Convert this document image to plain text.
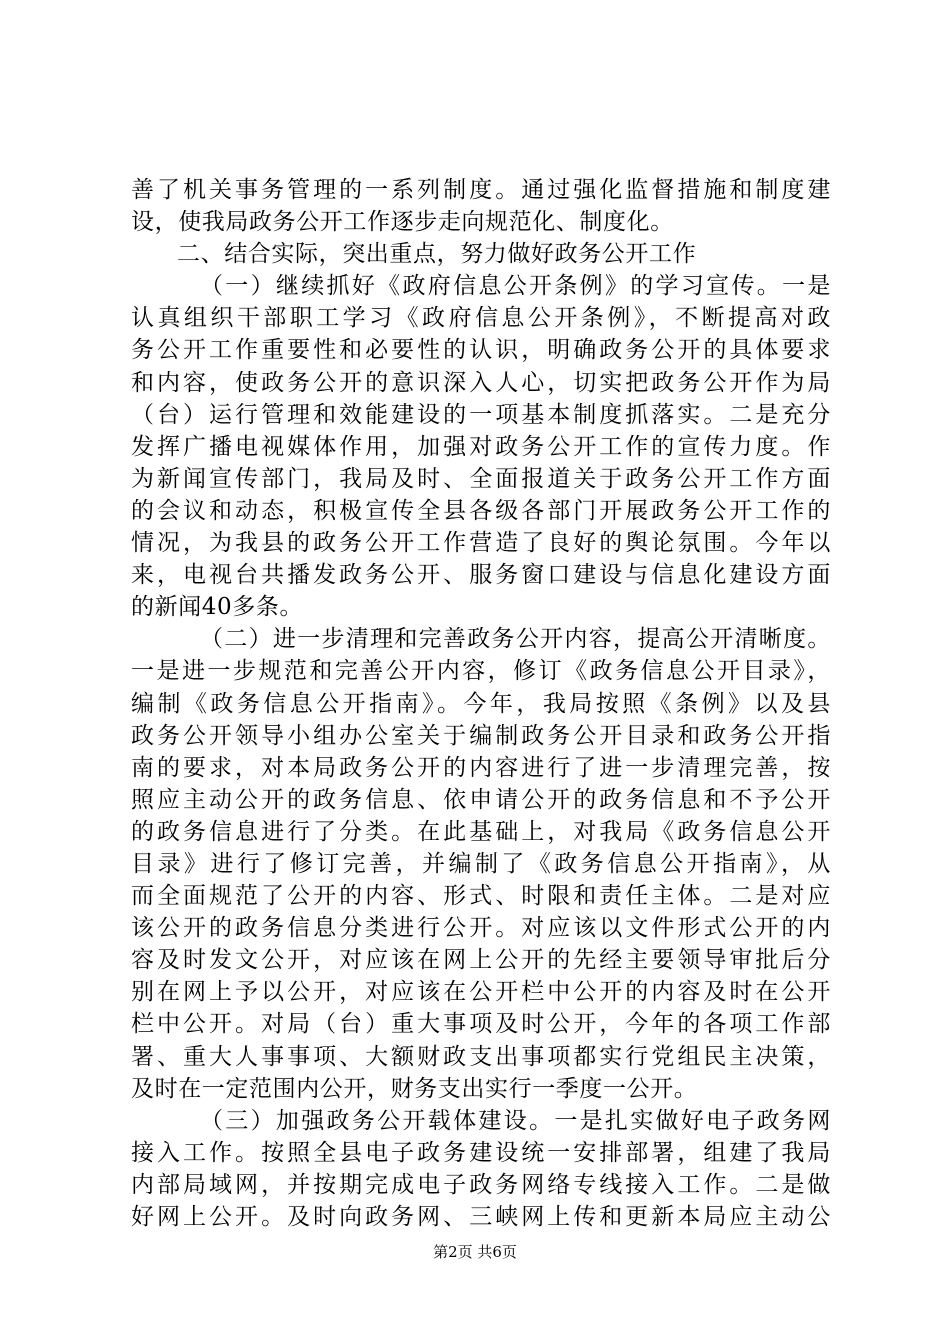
善了机关事务管理的一系列制度。通过强化监督措施和制度建
设，使我局政务公开工作逐步走向规范化、制度化。
二、结合实际，突出重点，努力做好政务公开工作
（一）继续抓好《政府信息公开条例》的学习宣传。一是
认真组织干部职工学习《政府信息公开条例》，不断提高对政
务公开工作重要性和必要性的认识，明确政务公开的具体要求
和内容，使政务公开的意识深入人心，切实把政务公开作为局
（台）运行管理和效能建设的一项基本制度抓落实。二是充分
发挥广播电视媒体作用，加强对政务公开工作的宣传力度。作
为新闻宣传部门，我局及时、全面报道关于政务公开工作方面
的会议和动态，积极宣传全县各级各部门开展政务公开工作的
情况，为我县的政务公开工作营造了良好的舆论氛围。今年以
来，电视台共播发政务公开、服务窗口建设与信息化建设方面
的新闻40多条。
（二）进一步清理和完善政务公开内容，提高公开清晰度。
一是进一步规范和完善公开内容，修订《政务信息公开目录》，
编制《政务信息公开指南》。今年，我局按照《条例》以及县
政务公开领导小组办公室关于编制政务公开目录和政务公开指
南的要求，对本局政务公开的内容进行了进一步清理完善，按
照应主动公开的政务信息、依申请公开的政务信息和不予公开
的政务信息进行了分类。在此基础上，对我局《政务信息公开
目录》进行了修订完善，并编制了《政务信息公开指南》，从
而全面规范了公开的内容、形式、时限和责任主体。二是对应
该公开的政务信息分类进行公开。对应该以文件形式公开的内
容及时发文公开，对应该在网上公开的先经主要领导审批后分
别在网上予以公开，对应该在公开栏中公开的内容及时在公开
栏中公开。对局（台）重大事项及时公开，今年的各项工作部
署、重大人事事项、大额财政支出事项都实行党组民主决策，
及时在一定范围内公开，财务支出实行一季度一公开。
（三）加强政务公开载体建设。一是扎实做好电子政务网
接入工作。按照全县电子政务建设统一安排部署，组建了我局
内部局域网，并按期完成电子政务网络专线接入工作。二是做
好网上公开。及时向政务网、三峡网上传和更新本局应主动公
第2页 共6页
